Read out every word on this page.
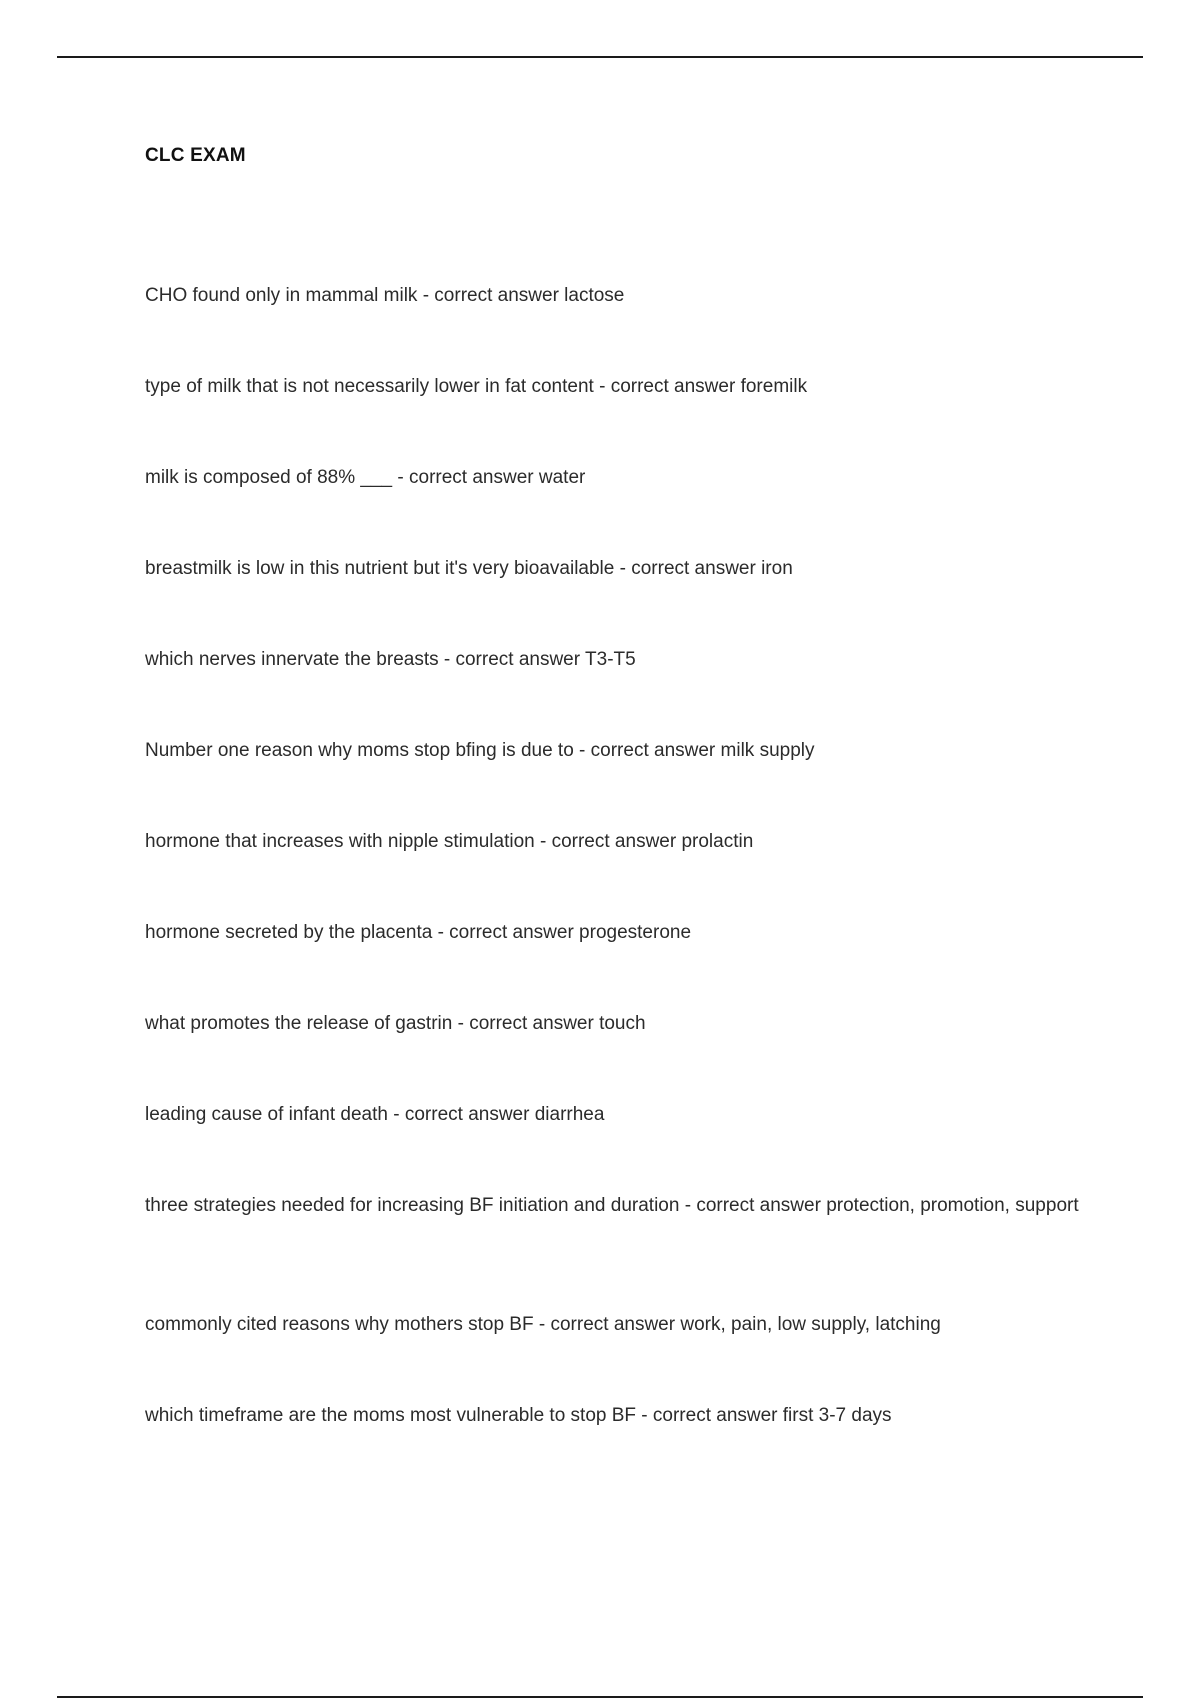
CLC EXAM
CHO found only in mammal milk - correct answer lactose
type of milk that is not necessarily lower in fat content - correct answer foremilk
milk is composed of 88% ___ - correct answer water
breastmilk is low in this nutrient but it's very bioavailable - correct answer iron
which nerves innervate the breasts - correct answer T3-T5
Number one reason why moms stop bfing is due to - correct answer milk supply
hormone that increases with nipple stimulation - correct answer prolactin
hormone secreted by the placenta - correct answer progesterone
what promotes the release of gastrin - correct answer touch
leading cause of infant death - correct answer diarrhea
three strategies needed for increasing BF initiation and duration - correct answer protection, promotion, support
commonly cited reasons why mothers stop BF - correct answer work, pain, low supply, latching
which timeframe are the moms most vulnerable to stop BF - correct answer first 3-7 days
